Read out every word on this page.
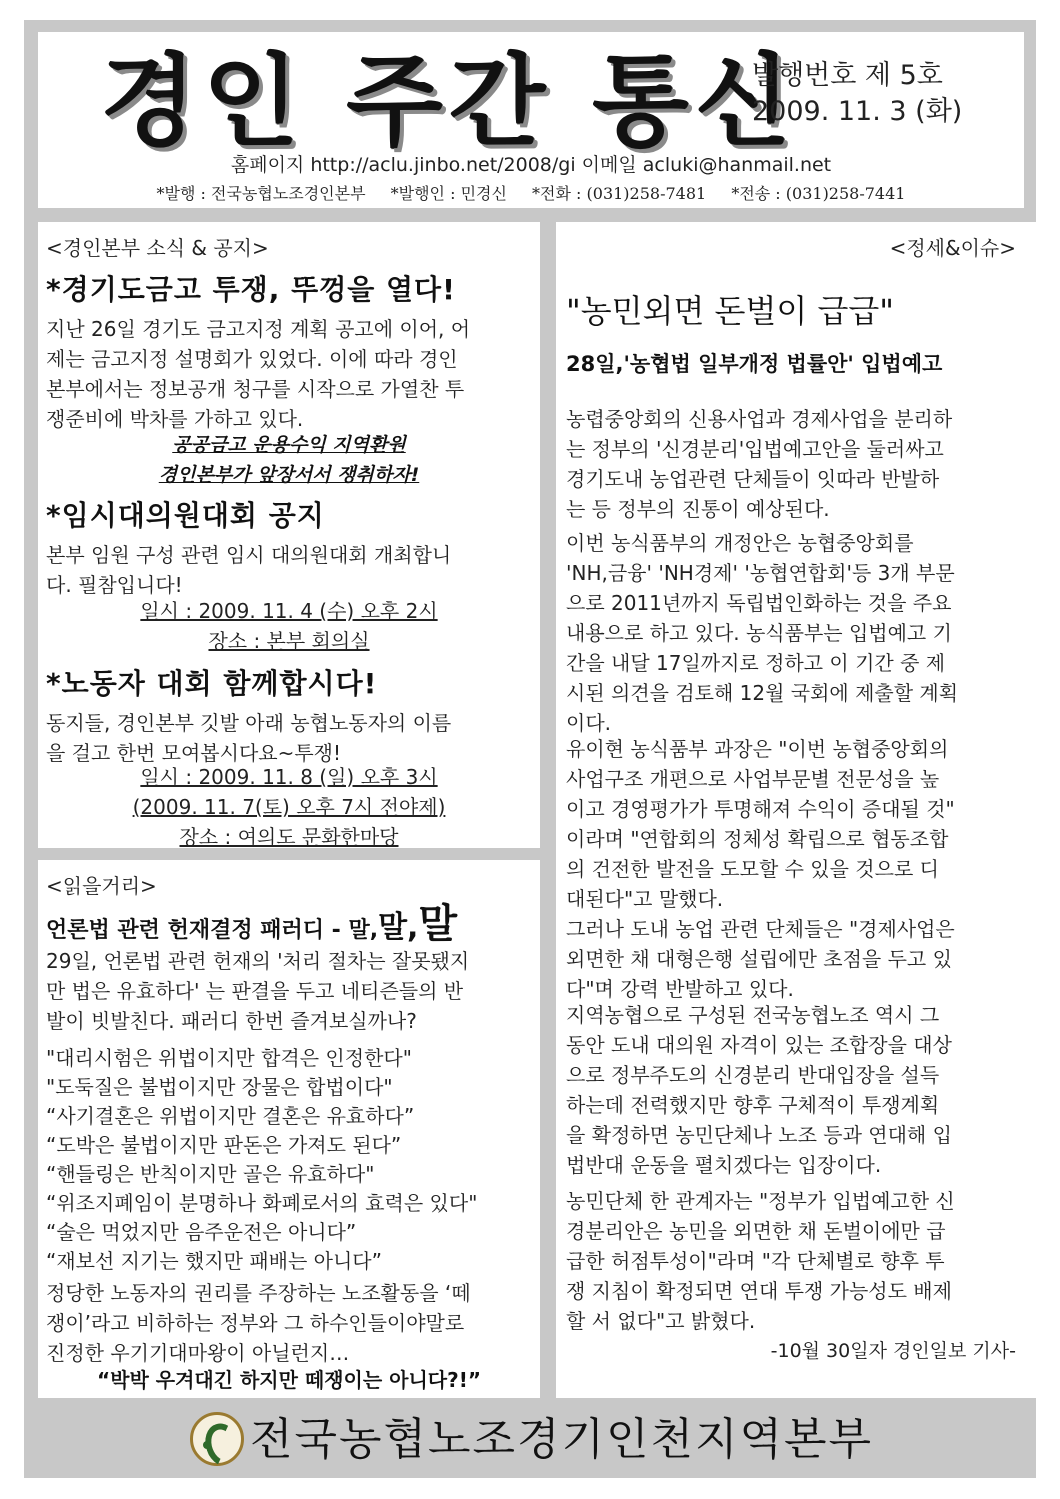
경인 주간 통신
발행번호 제 5호
2009. 11. 3 (화)
홈페이지 http://aclu.jinbo.net/2008/gi 이메일 acluki@hanmail.net
*발행 : 전국농협노조경인본부 *발행인 : 민경신 *전화 : (031)258-7481 *전송 : (031)258-7441
<경인본부 소식 & 공지>
*경기도금고 투쟁, 뚜껑을 열다!
지난 26일 경기도 금고지정 계획 공고에 이어, 어
제는 금고지정 설명회가 있었다. 이에 따라 경인
본부에서는 정보공개 청구를 시작으로 가열찬 투
쟁준비에 박차를 가하고 있다.
공공금고 운용수익 지역환원
경인본부가 앞장서서 쟁취하자!
*임시대의원대회 공지
본부 임원 구성 관련 임시 대의원대회 개최합니
다. 필참입니다!
일시 : 2009. 11. 4 (수) 오후 2시
장소 : 본부 회의실
*노동자 대회 함께합시다!
동지들, 경인본부 깃발 아래 농협노동자의 이름
을 걸고 한번 모여봅시다요~투쟁!
일시 : 2009. 11. 8 (일) 오후 3시
(2009. 11. 7(토) 오후 7시 전야제)
장소 : 여의도 문화한마당
<읽을거리>
언론법 관련 헌재결정 패러디 - 말,말,말
29일, 언론법 관련 헌재의 '처리 절차는 잘못됐지
만 법은 유효하다' 는 판결을 두고 네티즌들의 반
발이 빗발친다. 패러디 한번 즐겨보실까나?
"대리시험은 위법이지만 합격은 인정한다"
"도둑질은 불법이지만 장물은 합법이다"
“사기결혼은 위법이지만 결혼은 유효하다”
“도박은 불법이지만 판돈은 가져도 된다”
“핸들링은 반칙이지만 골은 유효하다"
“위조지폐임이 분명하나 화폐로서의 효력은 있다"
“술은 먹었지만 음주운전은 아니다”
“재보선 지기는 했지만 패배는 아니다”
정당한 노동자의 권리를 주장하는 노조활동을 ‘떼
쟁이’라고 비하하는 정부와 그 하수인들이야말로
진정한 우기기대마왕이 아닐런지…
“박박 우겨대긴 하지만 떼쟁이는 아니다?!”
<정세&이슈>
"농민외면 돈벌이 급급"
28일,'농협법 일부개정 법률안' 입법예고
농렵중앙회의 신용사업과 경제사업을 분리하
는 정부의 '신경분리'입법예고안을 둘러싸고
경기도내 농업관련 단체들이 잇따라 반발하
는 등 정부의 진통이 예상된다.
이번 농식품부의 개정안은 농협중앙회를
'NH,금융' 'NH경제' '농협연합회'등 3개 부문
으로 2011년까지 독립법인화하는 것을 주요
내용으로 하고 있다. 농식품부는 입법예고 기
간을 내달 17일까지로 정하고 이 기간 중 제
시된 의견을 검토해 12월 국회에 제출할 계획
이다.
유이현 농식품부 과장은 "이번 농협중앙회의
사업구조 개편으로 사업부문별 전문성을 높
이고 경영평가가 투명해져 수익이 증대될 것"
이라며 "연합회의 정체성 확립으로 협동조합
의 건전한 발전을 도모할 수 있을 것으로 디
대된다"고 말했다.
그러나 도내 농업 관련 단체들은 "경제사업은
외면한 채 대형은행 설립에만 초점을 두고 있
다"며 강력 반발하고 있다.
지역농협으로 구성된 전국농협노조 역시 그
동안 도내 대의원 자격이 있는 조합장을 대상
으로 정부주도의 신경분리 반대입장을 설득
하는데 전력했지만 향후 구체적이 투쟁계획
을 확정하면 농민단체나 노조 등과 연대해 입
법반대 운동을 펼치겠다는 입장이다.
농민단체 한 관계자는 "정부가 입법예고한 신
경분리안은 농민을 외면한 채 돈벌이에만 급
급한 허점투성이"라며 "각 단체별로 향후 투
쟁 지침이 확정되면 연대 투쟁 가능성도 배제
할 서 없다"고 밝혔다.
-10월 30일자 경인일보 기사-
전국농협노조경기인천지역본부
